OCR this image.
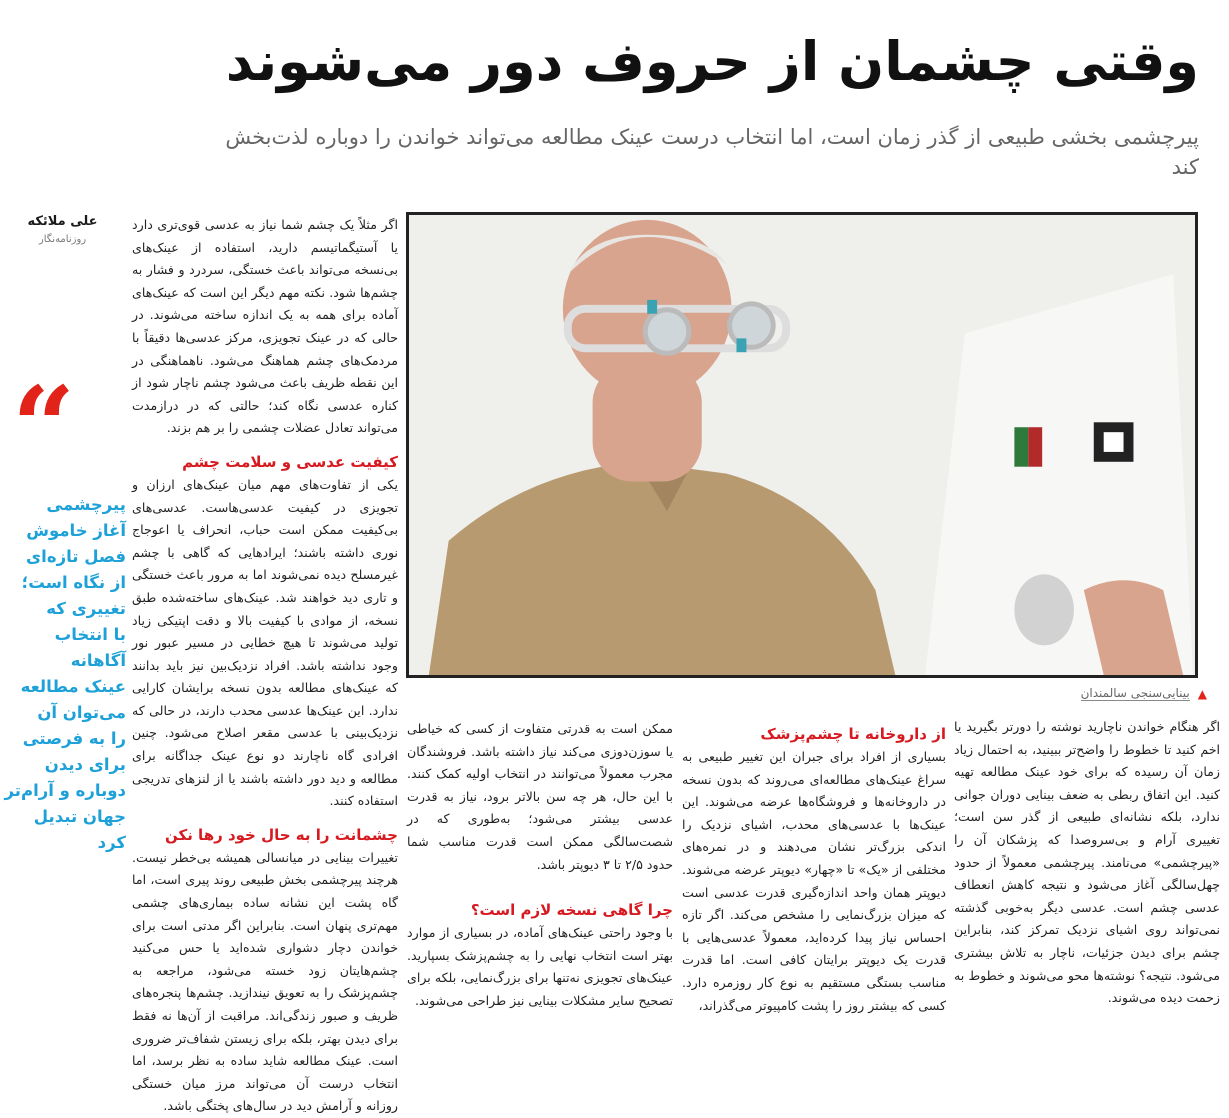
وقتی چشمان از حروف دور می‌شوند
پیرچشمی بخشی طبیعی از گذر زمان است، اما انتخاب درست عینک مطالعه می‌تواند خواندن را دوباره لذت‌بخش کند
علی ملائکه
روزنامه‌نگار
“
پیرچشمی
آغاز خاموش
فصل تازه‌ای
از نگاه است؛
تغییری که
با انتخاب
آگاهانه
عینک مطالعه
می‌توان آن
را به فرصتی
برای دیدن
دوباره و آرام‌تر
جهان تبدیل
کرد
▲
بینایی‌سنجی سالمندان

اگر مثلاً یک چشم شما نیاز به عدسی قوی‌تری دارد یا آستیگماتیسم دارید، استفاده از عینک‌های بی‌نسخه می‌تواند باعث خستگی، سردرد و فشار به چشم‌ها شود. نکته مهم دیگر این است که عینک‌های آماده برای همه به یک اندازه ساخته می‌شوند. در حالی که در عینک تجویزی، مرکز عدسی‌ها دقیقاً با مردمک‌های چشم هماهنگ می‌شود. ناهماهنگی در این نقطه ظریف باعث می‌شود چشم ناچار شود از کناره عدسی نگاه کند؛ حالتی که در درازمدت می‌تواند تعادل عضلات چشمی را بر هم بزند.

کیفیت عدسی و سلامت چشم

یکی از تفاوت‌های مهم میان عینک‌های ارزان و تجویزی در کیفیت عدسی‌هاست. عدسی‌های بی‌کیفیت ممکن است حباب، انحراف یا اعوجاج نوری داشته باشند؛ ایرادهایی که گاهی با چشم غیرمسلح دیده نمی‌شوند اما به مرور باعث خستگی و تاری دید خواهند شد. عینک‌های ساخته‌شده طبق نسخه، از موادی با کیفیت بالا و دقت اپتیکی زیاد تولید می‌شوند تا هیچ خطایی در مسیر عبور نور وجود نداشته باشد. افراد نزدیک‌بین نیز باید بدانند که عینک‌های مطالعه بدون نسخه برایشان کارایی ندارد. این عینک‌ها عدسی محدب دارند، در حالی که نزدیک‌بینی با عدسی مقعر اصلاح می‌شود. چنین افرادی گاه ناچارند دو نوع عینک جداگانه برای مطالعه و دید دور داشته باشند یا از لنزهای تدریجی استفاده کنند.

چشمانت را به حال خود رها نکن

تغییرات بینایی در میانسالی همیشه بی‌خطر نیست. هرچند پیرچشمی بخش طبیعی روند پیری است، اما گاه پشت این نشانه ساده بیماری‌های چشمی مهم‌تری پنهان است. بنابراین اگر مدتی است برای خواندن دچار دشواری شده‌اید یا حس می‌کنید چشم‌هایتان زود خسته می‌شود، مراجعه به چشم‌پزشک را به تعویق نیندازید. چشم‌ها پنجره‌های ظریف و صبور زندگی‌اند. مراقبت از آن‌ها نه فقط برای دیدن بهتر، بلکه برای زیستن شفاف‌تر ضروری است. عینک مطالعه شاید ساده به نظر برسد، اما انتخاب درست آن می‌تواند مرز میان خستگی روزانه و آرامش دید در سال‌های پختگی باشد.

ممکن است به قدرتی متفاوت از کسی که خیاطی یا سوزن‌دوزی می‌کند نیاز داشته باشد. فروشندگان مجرب معمولاً می‌توانند در انتخاب اولیه کمک کنند. با این حال، هر چه سن بالاتر برود، نیاز به قدرت عدسی بیشتر می‌شود؛ به‌طوری که در شصت‌سالگی ممکن است قدرت مناسب شما حدود ۲/۵ تا ۳ دیوپتر باشد.

چرا گاهی نسخه لازم است؟

با وجود راحتی عینک‌های آماده، در بسیاری از موارد بهتر است انتخاب نهایی را به چشم‌پزشک بسپارید. عینک‌های تجویزی نه‌تنها برای بزرگ‌نمایی، بلکه برای تصحیح سایر مشکلات بینایی نیز طراحی می‌شوند.

از داروخانه تا چشم‌پزشک

بسیاری از افراد برای جبران این تغییر طبیعی به سراغ عینک‌های مطالعه‌ای می‌روند که بدون نسخه در داروخانه‌ها و فروشگاه‌ها عرضه می‌شوند. این عینک‌ها با عدسی‌های محدب، اشیای نزدیک را اندکی بزرگ‌تر نشان می‌دهند و در نمره‌های مختلفی از «یک» تا «چهار» دیوپتر عرضه می‌شوند. دیوپتر همان واحد اندازه‌گیری قدرت عدسی است که میزان بزرگ‌نمایی را مشخص می‌کند. اگر تازه احساس نیاز پیدا کرده‌اید، معمولاً عدسی‌هایی با قدرت یک دیوپتر برایتان کافی است. اما قدرت مناسب بستگی مستقیم به نوع کار روزمره دارد. کسی که بیشتر روز را پشت کامپیوتر می‌گذراند،

اگر هنگام خواندن ناچارید نوشته را دورتر بگیرید یا اخم کنید تا خطوط را واضح‌تر ببینید، به احتمال زیاد زمان آن رسیده که برای خود عینک مطالعه تهیه کنید. این اتفاق ربطی به ضعف بینایی دوران جوانی ندارد، بلکه نشانه‌ای طبیعی از گذر سن است؛ تغییری آرام و بی‌سروصدا که پزشکان آن را «پیرچشمی» می‌نامند. پیرچشمی معمولاً از حدود چهل‌سالگی آغاز می‌شود و نتیجه کاهش انعطاف عدسی چشم است. عدسی دیگر به‌خوبی گذشته نمی‌تواند روی اشیای نزدیک تمرکز کند، بنابراین چشم برای دیدن جزئیات، ناچار به تلاش بیشتری می‌شود. نتیجه؟ نوشته‌ها محو می‌شوند و خطوط به زحمت دیده می‌شوند.
